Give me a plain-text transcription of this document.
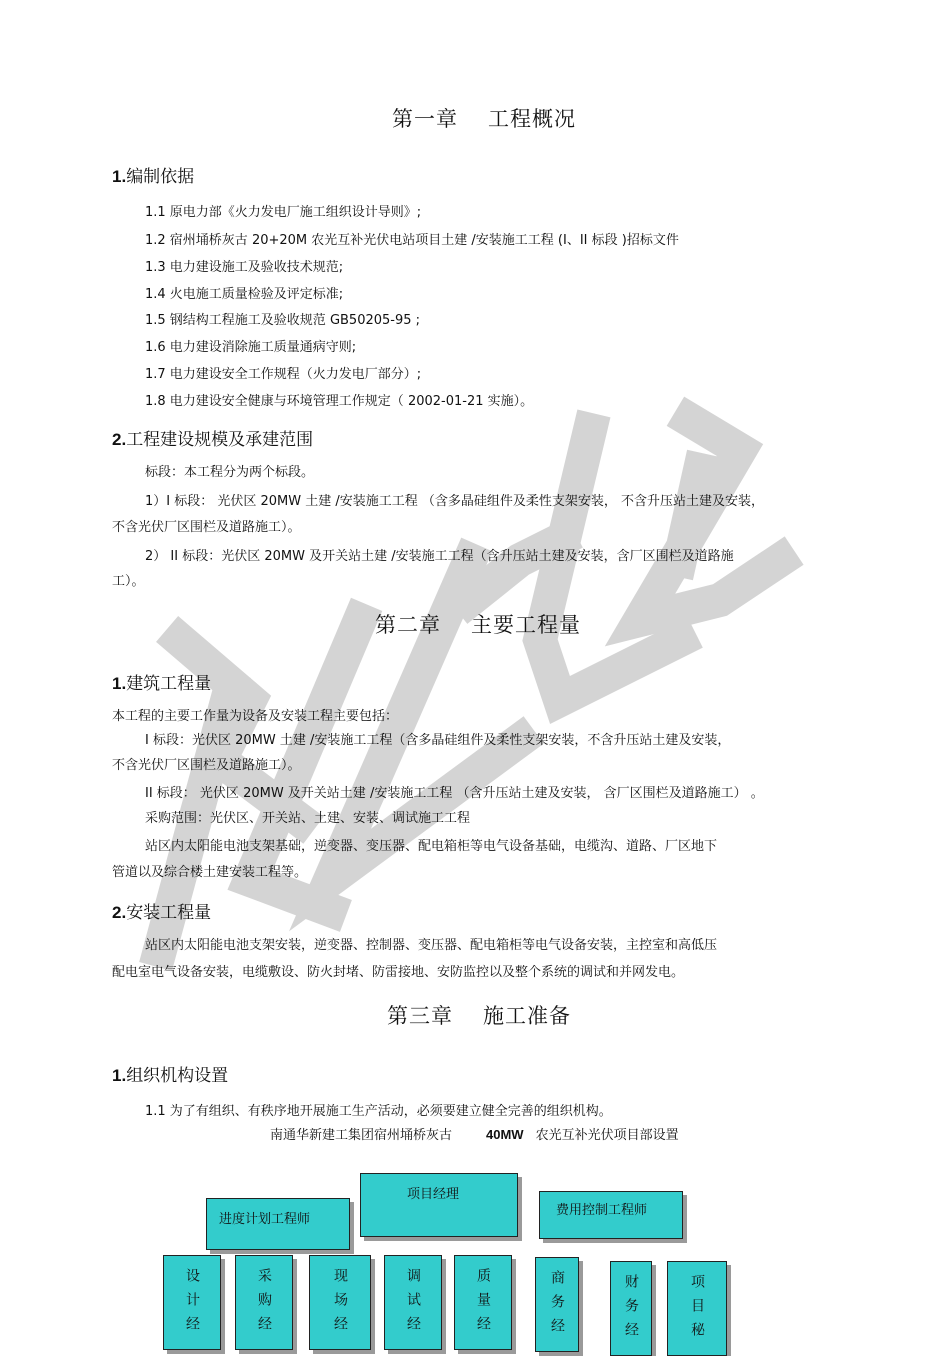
第一章 工程概况
1.编制依据
1.1 原电力部《火力发电厂施工组织设计导则》;
1.2 宿州埇桥灰古 20+20M 农光互补光伏电站项目土建 /安装施工工程 (I、II 标段 )招标文件
1.3 电力建设施工及验收技术规范;
1.4 火电施工质量检验及评定标准;
1.5 钢结构工程施工及验收规范 GB50205-95 ;
1.6 电力建设消除施工质量通病守则;
1.7 电力建设安全工作规程（火力发电厂部分）;
1.8 电力建设安全健康与环境管理工作规定（ 2002-01-21 实施）。
2.工程建设规模及承建范围
标段：本工程分为两个标段。
1）I 标段： 光伏区 20MW 土建 /安装施工工程 （含多晶硅组件及柔性支架安装， 不含升压站土建及安装，
不含光伏厂区围栏及道路施工）。
2） II 标段：光伏区 20MW 及开关站土建 /安装施工工程（含升压站土建及安装，含厂区围栏及道路施
工）。
第二章 主要工程量
1.建筑工程量
本工程的主要工作量为设备及安装工程主要包括：
I 标段：光伏区 20MW 土建 /安装施工工程（含多晶硅组件及柔性支架安装，不含升压站土建及安装，
不含光伏厂区围栏及道路施工）。
II 标段： 光伏区 20MW 及开关站土建 /安装施工工程 （含升压站土建及安装， 含厂区围栏及道路施工） 。
采购范围：光伏区、开关站、土建、安装、调试施工工程
站区内太阳能电池支架基础，逆变器、变压器、配电箱柜等电气设备基础，电缆沟、道路、厂区地下
管道以及综合楼土建安装工程等。
2.安装工程量
站区内太阳能电池支架安装，逆变器、控制器、变压器、配电箱柜等电气设备安装，主控室和高低压
配电室电气设备安装，电缆敷设、防火封堵、防雷接地、安防监控以及整个系统的调试和并网发电。
第三章 施工准备
1.组织机构设置
1.1 为了有组织、有秩序地开展施工生产活动，必须要建立健全完善的组织机构。
南通华新建工集团宿州埇桥灰古	40MW 农光互补光伏项目部设置
项目经理
进度计划工程师
费用控制工程师
设计经	采购经	现场经	调试经	质量经	商务经	财务经	项目秘
